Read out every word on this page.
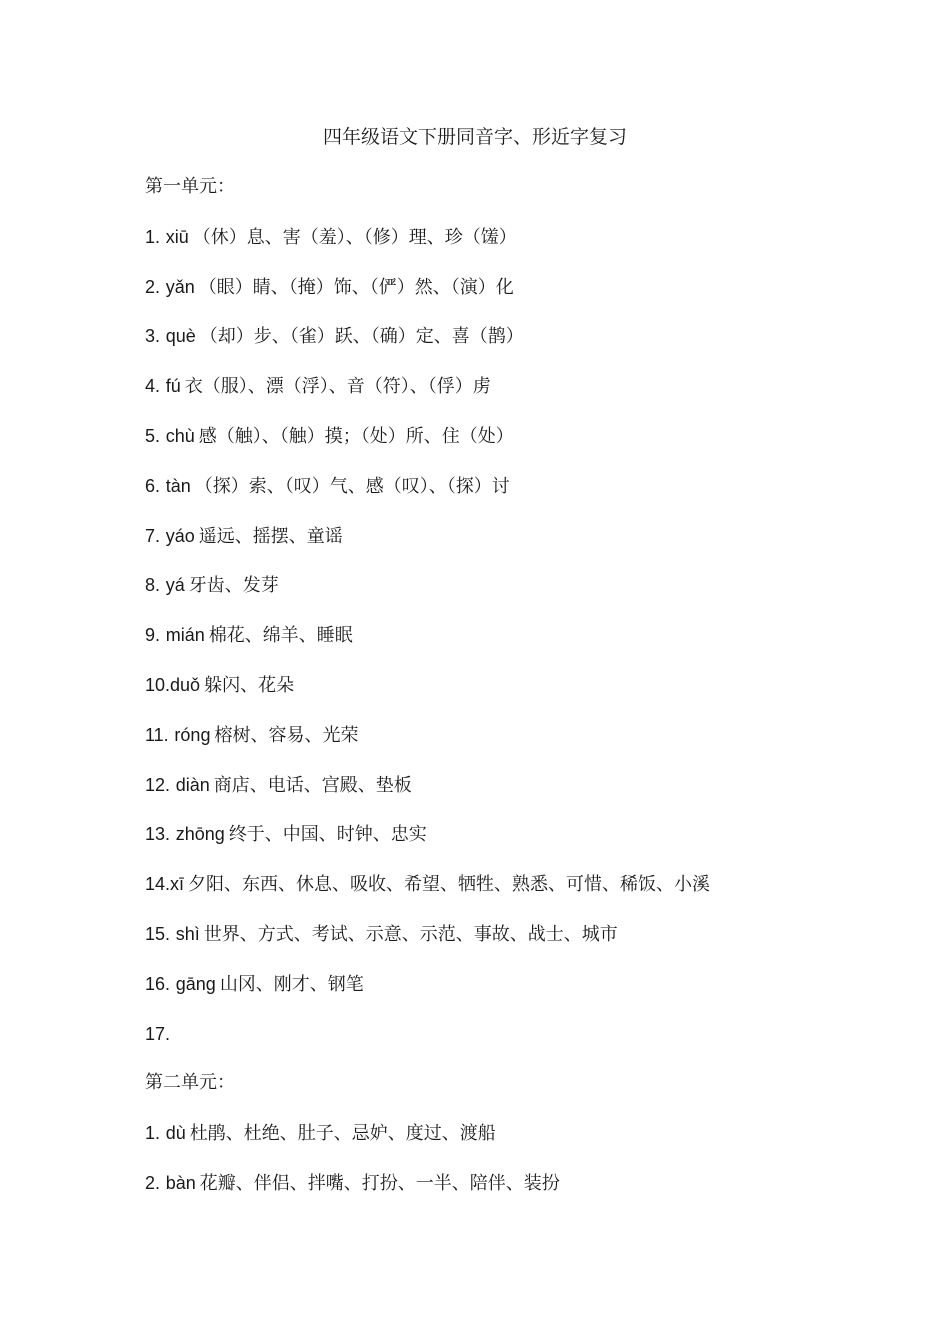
四年级语文下册同音字、形近字复习
第一单元：
1. xiū （休）息、害（羞）、（修）理、珍（馐）
2. yǎn （眼）睛、（掩）饰、（俨）然、（演）化
3. què （却）步、（雀）跃、（确）定、喜（鹊）
4. fú 衣（服）、漂（浮）、音（符）、（俘）虏
5. chù 感（触）、（触）摸；（处）所、住（处）
6. tàn （探）索、（叹）气、感（叹）、（探）讨
7. yáo 遥远、摇摆、童谣
8. yá 牙齿、发芽
9. mián 棉花、绵羊、睡眠
10.duǒ 躲闪、花朵
11. róng 榕树、容易、光荣
12. diàn 商店、电话、宫殿、垫板
13. zhōng 终于、中国、时钟、忠实
14.xī 夕阳、东西、休息、吸收、希望、牺牲、熟悉、可惜、稀饭、小溪
15. shì 世界、方式、考试、示意、示范、事故、战士、城市
16. gāng 山冈、刚才、钢笔
17.
第二单元：
1. dù 杜鹃、杜绝、肚子、忌妒、度过、渡船
2. bàn 花瓣、伴侣、拌嘴、打扮、一半、陪伴、装扮
